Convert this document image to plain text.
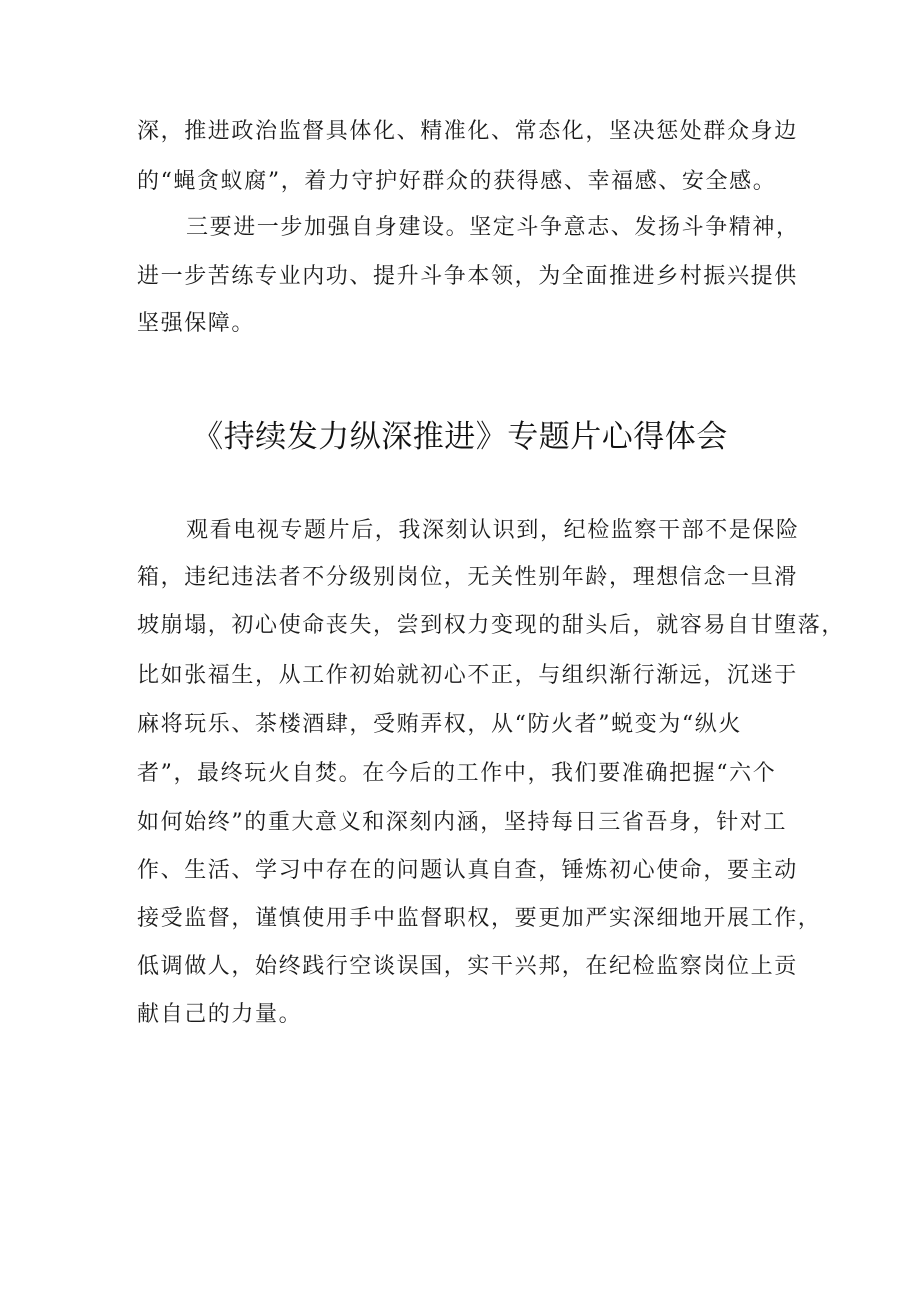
深，推进政治监督具体化、精准化、常态化，坚决惩处群众身边
的“蝇贪蚁腐”，着力守护好群众的获得感、幸福感、安全感。
三要进一步加强自身建设。坚定斗争意志、发扬斗争精神，
进一步苦练专业内功、提升斗争本领，为全面推进乡村振兴提供
坚强保障。
《持续发力纵深推进》专题片心得体会
观看电视专题片后，我深刻认识到，纪检监察干部不是保险
箱，违纪违法者不分级别岗位，无关性别年龄，理想信念一旦滑
坡崩塌，初心使命丧失，尝到权力变现的甜头后，就容易自甘堕落，
比如张福生，从工作初始就初心不正，与组织渐行渐远，沉迷于
麻将玩乐、茶楼酒肆，受贿弄权，从“防火者”蜕变为“纵火
者”，最终玩火自焚。在今后的工作中，我们要准确把握“六个
如何始终”的重大意义和深刻内涵，坚持每日三省吾身，针对工
作、生活、学习中存在的问题认真自查，锤炼初心使命，要主动
接受监督，谨慎使用手中监督职权，要更加严实深细地开展工作，
低调做人，始终践行空谈误国，实干兴邦，在纪检监察岗位上贡
献自己的力量。
